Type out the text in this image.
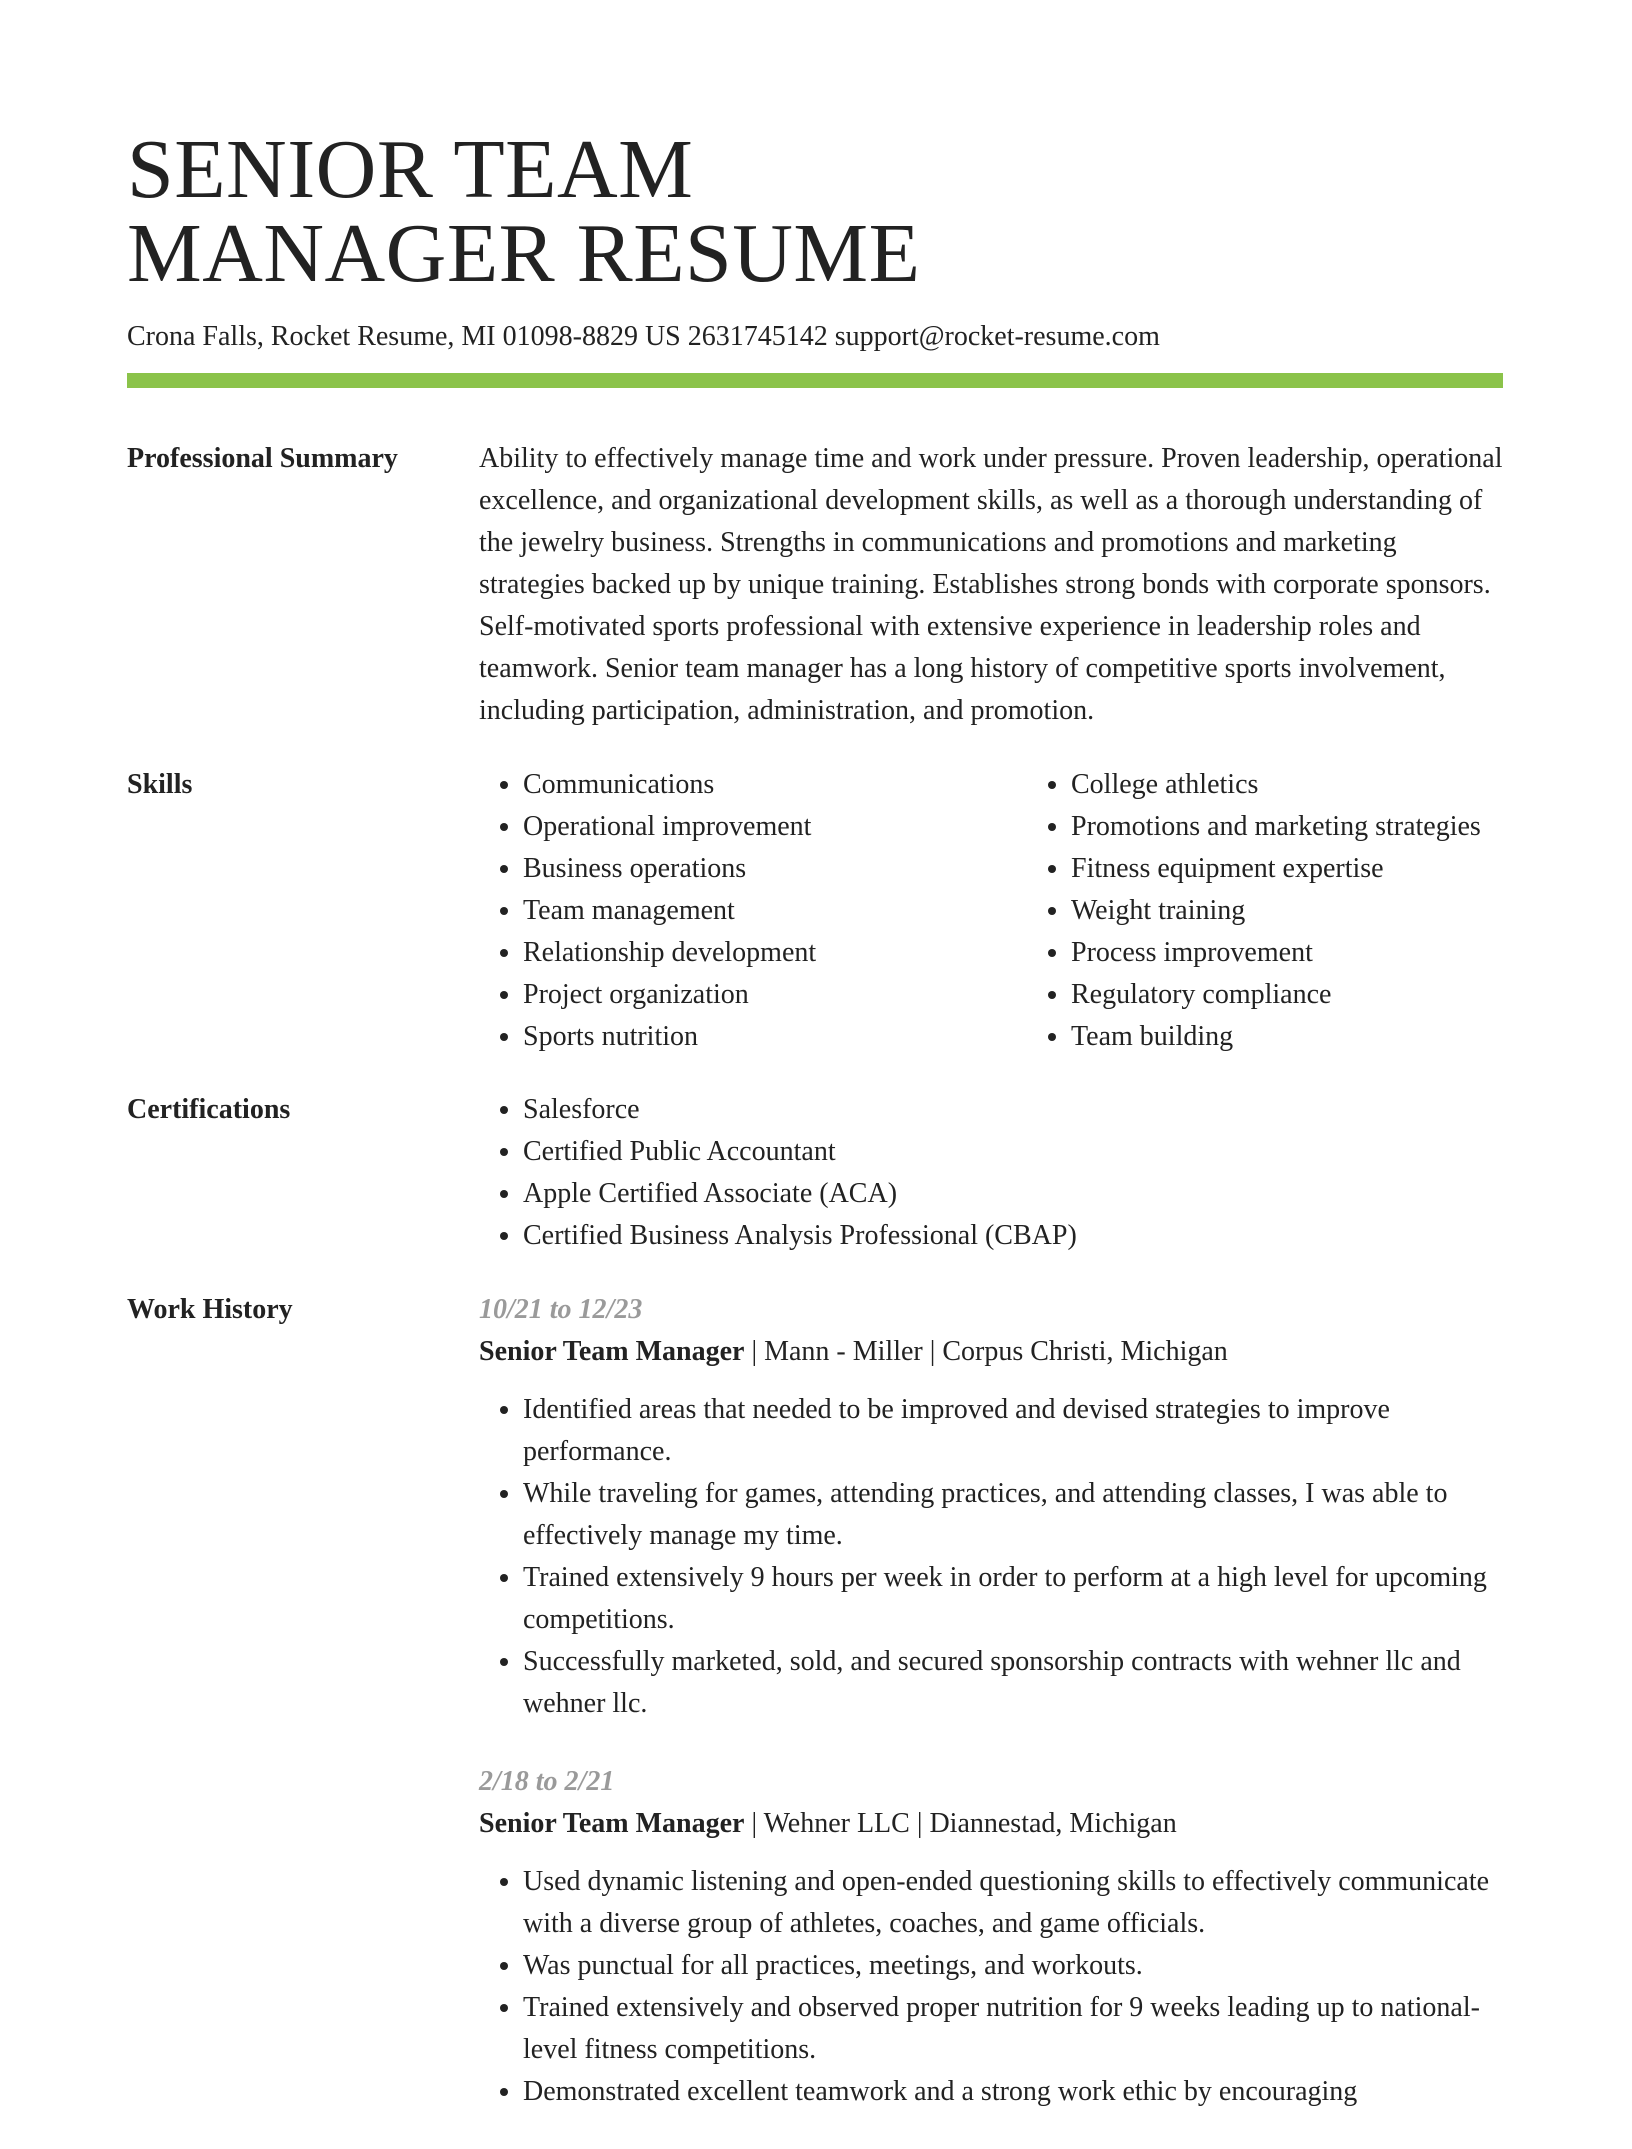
SENIOR TEAM
MANAGER RESUME
Crona Falls, Rocket Resume, MI 01098-8829 US 2631745142 support@rocket-resume.com
Professional Summary	Ability to effectively manage time and work under pressure. Proven leadership, operational excellence, and organizational development skills, as well as a thorough understanding of the jewelry business. Strengths in communications and promotions and marketing strategies backed up by unique training. Establishes strong bonds with corporate sponsors. Self-motivated sports professional with extensive experience in leadership roles and teamwork. Senior team manager has a long history of competitive sports involvement, including participation, administration, and promotion.

Skills	• Communications
• Operational improvement
• Business operations
• Team management
• Relationship development
• Project organization
• Sports nutrition
• College athletics
• Promotions and marketing strategies
• Fitness equipment expertise
• Weight training
• Process improvement
• Regulatory compliance
• Team building
Certifications	• Salesforce
• Certified Public Accountant
• Apple Certified Associate (ACA)
• Certified Business Analysis Professional (CBAP)
Work History	10/21 to 12/23
Senior Team Manager | Mann - Miller | Corpus Christi, Michigan
• Identified areas that needed to be improved and devised strategies to improve performance.
• While traveling for games, attending practices, and attending classes, I was able to effectively manage my time.
• Trained extensively 9 hours per week in order to perform at a high level for upcoming competitions.
• Successfully marketed, sold, and secured sponsorship contracts with wehner llc and wehner llc.
2/18 to 2/21
Senior Team Manager | Wehner LLC | Diannestad, Michigan
• Used dynamic listening and open-ended questioning skills to effectively communicate with a diverse group of athletes, coaches, and game officials.
• Was punctual for all practices, meetings, and workouts.
• Trained extensively and observed proper nutrition for 9 weeks leading up to national-level fitness competitions.
• Demonstrated excellent teamwork and a strong work ethic by encouraging
